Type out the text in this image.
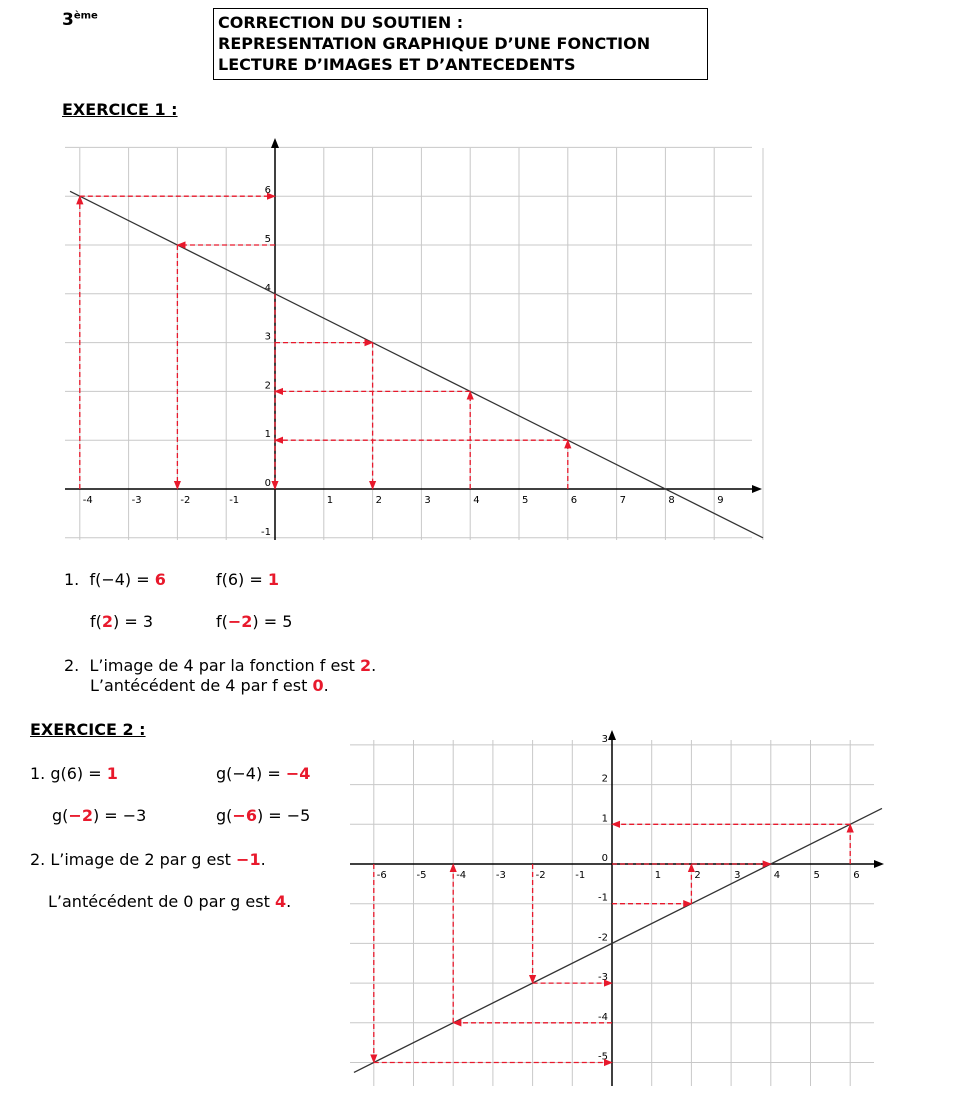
3ème	CORRECTION DU SOUTIEN :
REPRESENTATION GRAPHIQUE D’UNE FONCTION
LECTURE D’IMAGES ET D’ANTECEDENTS
EXERCICE 1 :
-4	-3	-2	-1	1	2	3	4	5	6	7	8	9
-1
0
1
2
3
4
5
6
1. f(−4) = 6	f(6) = 1
f(2) = 3	f(−2) = 5
2. L’image de 4 par la fonction f est 2.
L’antécédent de 4 par f est 0.
EXERCICE 2 :
1. g(6) = 1	g(−4) = −4
g(−2) = −3	g(−6) = −5
2. L’image de 2 par g est −1.
L’antécédent de 0 par g est 4.
-6	-5	-4	-3	-2	-1	1	2	3	4	5	6
-5
-4
-3
-2
-1
0
1
2
3
